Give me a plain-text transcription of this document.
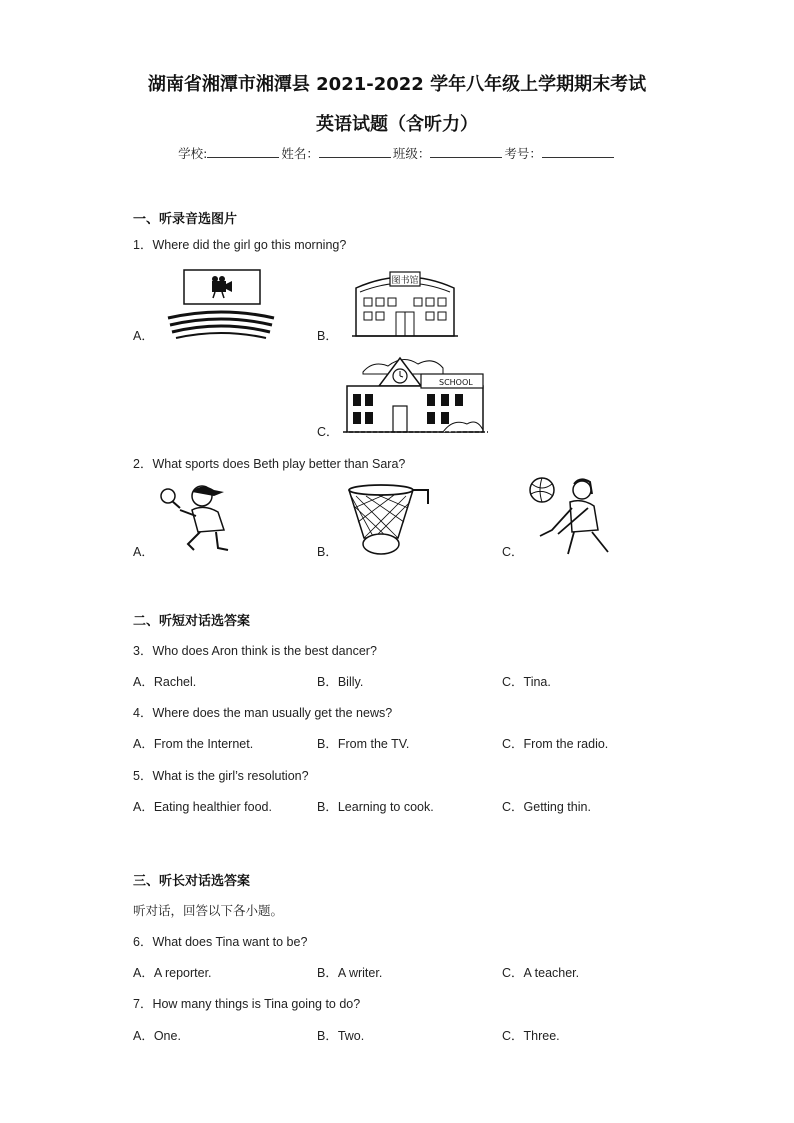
湖南省湘潭市湘潭县 2021-2022 学年八年级上学期期末考试
英语试题（含听力）
学校:	姓名：	班级：	考号：
一、听录音选图片
1．Where did the girl go this morning?
A．	B．
图书馆
C．
SCHOOL
2．What sports does Beth play better than Sara?
A．	B．	C．
二、听短对话选答案
3．Who does Aron think is the best dancer?
A．Rachel.	B．Billy.	C．Tina.
4．Where does the man usually get the news?
A．From the Internet.	B．From the TV.	C．From the radio.
5．What is the girl’s resolution?
A．Eating healthier food.	B．Learning to cook.	C．Getting thin.
三、听长对话选答案
听对话，回答以下各小题。
6．What does Tina want to be?
A．A reporter.	B．A writer.	C．A teacher.
7．How many things is Tina going to do?
A．One.	B．Two.	C．Three.
